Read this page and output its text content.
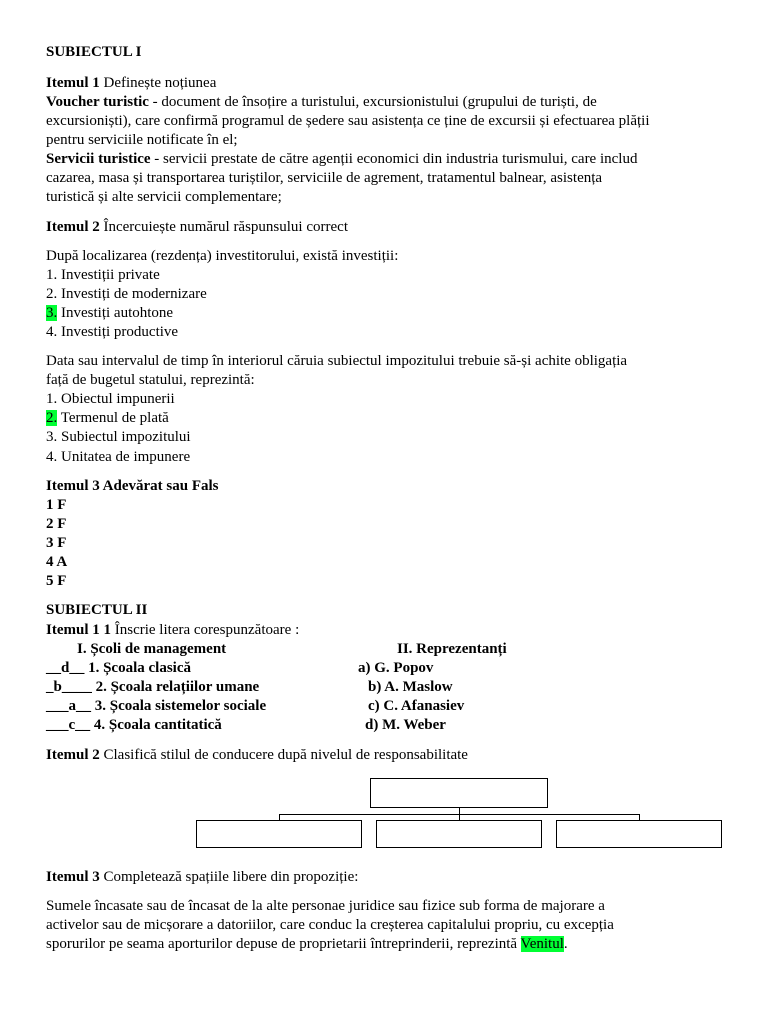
SUBIECTUL I
Itemul 1 Definește noțiunea
Voucher turistic - document de însoțire a turistului, excursionistului (grupului de turiști, de
excursioniști), care confirmă programul de ședere sau asistența ce ține de excursii și efectuarea plății
pentru serviciile notificate în el;
Servicii turistice - servicii prestate de către agenții economici din industria turismului, care includ
cazarea, masa și transportarea turiștilor, serviciile de agrement, tratamentul balnear, asistența
turistică și alte servicii complementare;
Itemul 2 Încercuiește numărul răspunsului correct
După localizarea (rezdența) investitorului, există investiții:
1. Investiții private
2. Investiți de modernizare
3. Investiți autohtone
4. Investiți productive
Data sau intervalul de timp în interiorul căruia subiectul impozitului trebuie să-și achite obligația
față de bugetul statului, reprezintă:
1. Obiectul impunerii
2. Termenul de plată
3. Subiectul impozitului
4. Unitatea de impunere
Itemul 3 Adevărat sau Fals
1 F
2 F
3 F
4 A
5 F
SUBIECTUL II
Itemul 1 1 Înscrie litera corespunzătoare :
I. Școli de management	II. Reprezentanți
__d__ 1. Școala clasică	a) G. Popov
_b____ 2. Școala relațiilor umane	b) A. Maslow
___a__ 3. Școala sistemelor sociale	c) C. Afanasiev
___c__ 4. Școala cantitatică	d) M. Weber
Itemul 2 Clasifică stilul de conducere după nivelul de responsabilitate
Itemul 3 Completează spațiile libere din propoziție:
Sumele încasate sau de încasat de la alte personae juridice sau fizice sub forma de majorare a
activelor sau de micșorare a datoriilor, care conduc la creșterea capitalului propriu, cu excepția
sporurilor pe seama aporturilor depuse de proprietarii întreprinderii, reprezintă Venitul.
